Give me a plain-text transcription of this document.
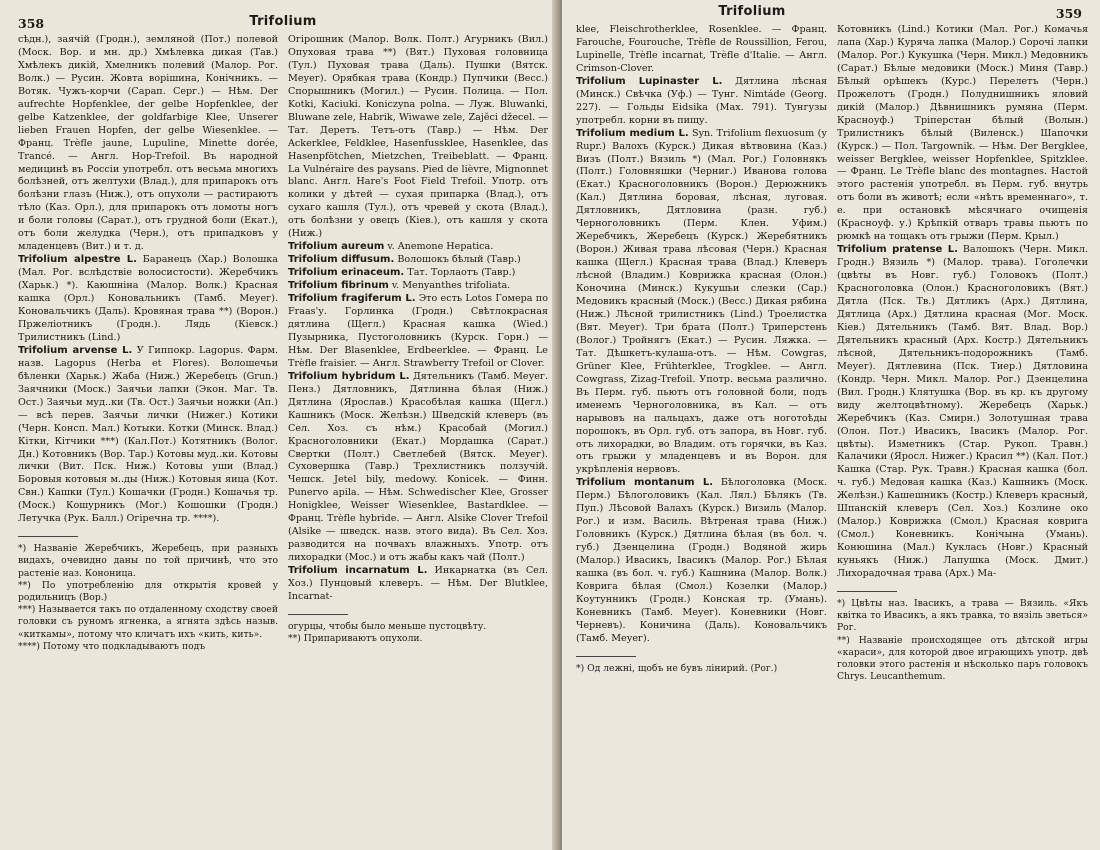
358	Trifolium

сѣдн.), заячій (Гродн.), земляной (Пот.) полевой (Моск. Вор. и мн. др.) Хмѣлевка дикая (Тав.) Хмѣлекъ дикій, Хмелникъ полевий (Малор. Рог. Волк.) — Русин. Жовта ворiшина, Конічникъ. — Вотяк. Чужъ-корчи (Сарап. Серг.) — Нѣм. Der aufrechte Hopfenklee, der gelbe Hopfenklee, der gelbe Katzenklee, der goldfarbige Klee, Unserer lieben Frauen Hopfen, der gelbe Wiesenklee. — Франц. Trèfle jaune, Lupuline, Minette dorée, Trancé. — Англ. Hop-Trefoil. Въ народной медицинѣ въ Россіи употребл. отъ весьма многихъ болѣзней, отъ желтухи (Влад.), для припарокъ отъ болѣзни глазъ (Ниж.), отъ опухоли — растираютъ тѣло (Каз. Орл.), для припарокъ отъ ломоты ногъ и боли головы (Сарат.), отъ грудной боли (Екат.), отъ боли желудка (Черн.), отъ припадковъ у младенцевъ (Вит.) и т. д.

Trifolium alpestre L. Баранецъ (Хар.) Волошка (Мал. Рог. вслѣдствіе волосистости). Жеребчикъ (Харьк.) *). Каюшніна (Малор. Волк.) Красная кашка (Орл.) Коновальникъ (Тамб. Меуег). Коновальчикъ (Даль). Кровяная трава **) (Ворон.) Пржеліотникъ (Гродн.). Лядь (Кіевск.) Трилистникъ (Lind.)

Trifolium arvense L. У Гиппокр. Lagopus. Фарм. назв. Lagopus (Herba et Flores). Волошечьи бѣленки (Харьк.) Жаба (Ниж.) Жеребецъ (Grun.) Заячники (Моск.) Заячьи лапки (Экон. Маг. Тв. Ост.) Заячьи муд..ки (Тв. Ост.) Заячьи ножки (Ап.) — всѣ перев. Заячьи лички (Нижег.) Котики (Черн. Консп. Мал.) Котыки. Котки (Минск. Влад.) Кітки, Кітчики ***) (Кал.Пот.) Котятникъ (Волог. Дн.) Котовникъ (Вор. Тар.) Котовы муд..ки. Котовы лички (Вит. Пск. Ниж.) Котовы уши (Влад.) Боровыя котовыя м..ды (Ниж.) Котовыя яица (Кот. Свн.) Кашки (Тул.) Кошачки (Гродн.) Кошачья тр. (Моск.) Кошурникъ (Мог.) Кошошки (Гродн.) Летучка (Рук. Балл.) Огіречна тр. ****).

*) Названіе Жеребчикъ, Жеребецъ, при разныхъ видахъ, очевидно даны по той причинѣ, что это растеніе наз. Кононица.

**) По употребленію для открытія кровей у родильницъ (Вор.)

***) Называется такъ по отдаленному сходству своей головки съ руномъ ягненка, а ягнята здѣсь назыв. «киткамы», потому что кличатъ ихъ «кить, кить».

****) Потому что подкладываютъ подъ

Огірошник (Малор. Волк. Полт.) Агурникъ (Вил.) Опуховая трава **) (Вят.) Пуховая головница (Тул.) Пуховая трава (Даль). Пушки (Вятск. Меуег). Орябкая трава (Кондр.) Пупчики (Весс.) Спорышникъ (Могил.) — Русин. Полица. — Пол. Kotki, Kaciuki. Koniczyna polna. — Луж. Bluwanki, Bluwane zele, Habrik, Wiwawe zele, Zajĕci džecel. — Тат. Деретъ. Тетъ-отъ (Тавр.) — Нѣм. Der Ackerklee, Feldklee, Hasenfussklee, Hasenklee, das Hasenpfötchen, Mietzchen, Treibeblatt. — Франц. La Vulnéraire des paysans. Pied de lièvre, Mignonnet blanc. Англ. Hare's Foot Field Trefoil. Употр. отъ колики у дѣтей — сухая припарка (Влад.), отъ сухаго кашля (Тул.), отъ чревей у скота (Влад.), отъ болѣзни у овецъ (Кіев.), отъ кашля у скота (Ниж.)

Trifolium aureum v. Anemone Hepatica.

Trifolium diffusum. Волошокъ бѣлый (Тавр.)

Trifolium erinaceum. Тат. Торлаотъ (Тавр.)

Trifolium fibrinum v. Menyanthes trifoliata.

Trifolium fragiferum L. Это есть Lotos Гомера по Fraas'у. Горлинка (Гродн.) Свѣтлокрасная дятлина (Щегл.) Красная кашка (Wied.) Пузырника, Пустоголовникъ (Курск. Горн.) — Нѣм. Der Blasenklee, Erdbeerklee. — Франц. Le Trèfle fraisier. — Англ. Strawberry Trefoil or Clover.

Trifolium hybridum L. Дятельникъ (Тамб. Меуег. Пенз.) Дятловникъ, Дятлинна бѣлая (Ниж.) Дятлина (Ярослав.) Красобѣлая кашка (Щегл.) Кашникъ (Моск. Желѣзн.) Шведскій клеверъ (въ Сел. Хоз. съ нѣм.) Красобай (Могил.) Красноголовники (Екат.) Мордашка (Сарат.) Свертки (Полт.) Светлебей (Вятск. Меуег). Суховершка (Тавр.) Трехлистникъ ползучій. Чешск. Jetel bily, medowy. Konicek. — Финн. Punervo apila. — Нѣм. Schwedischer Klee, Grosser Honigklee, Weisser Wiesenklee, Bastardklee. — Франц. Trèfle hybride. — Англ. Alsike Clover Trefoil (Alsike — шведск. назв. этого вида). Въ Сел. Хоз. разводится на почвахъ влажныхъ. Употр. отъ лихорадки (Мос.) и отъ жабы какъ чай (Полт.)

Trifolium incarnatum L. Инкарнатка (въ Сел. Хоз.) Пунцовый клеверъ. — Нѣм. Der Blutklee, Incarnat-

огурцы, чтобы было меньше пустоцвѣту.

**) Припариваютъ опухоли.

Trifolium	359

klee, Fleischrotherklee, Rosenklee. — Франц. Farouche, Fourouche, Trèfle de Roussillion, Ferou, Lupinelle, Trèfle incarnat, Trèfle d'Italie. — Англ. Crimson-Clover.

Trifolium Lupinaster L. Дятлина лѣсная (Минск.) Свѣчка (Уф.) — Тунг. Nimtáde (Georg. 227). — Гольды Eidsika (Max. 791). Тунгузы употребл. корни въ пищу.

Trifolium medium L. Syn. Trifolium flexuosum (у Rupr.) Валохъ (Курск.) Дикая вѣтвовина (Каз.) Визъ (Полт.) Вязиль *) (Мал. Рог.) Головнякъ (Полт.) Головняшки (Черниг.) Иванова голова (Екат.) Красноголовникъ (Ворон.) Дерюжникъ (Кал.) Дятлина боровая, лѣсная, луговая. Дятловникъ, Дятловина (разн. губ.) Черноголовникъ (Перм. Клен. Уфим.) Жеребчикъ, Жеребецъ (Курск.) Жеребятникъ (Ворон.) Живая трава лѣсовая (Черн.) Красная кашка (Щегл.) Красная трава (Влад.) Клеверъ лѣсной (Владим.) Коврижка красная (Олон.) Коночина (Минск.) Кукушьи слезки (Сар.) Медовикъ красный (Моск.) (Весс.) Дикая рябина (Ниж.) Лѣсной трилистникъ (Lind.) Троелистка (Вят. Меуег). Три брата (Полт.) Триперстень (Волог.) Тройнягъ (Екат.) — Русин. Ляжка. — Тат. Дѣшкетъ-кулаша-отъ. — Нѣм. Cowgras, Grüner Klee, Frühterklee, Trogklee. — Англ. Cowgrass, Zizag-Trefoil. Употр. весьма различно. Въ Перм. губ. пьютъ отъ головной боли, подъ именемъ Черноголовника, въ Кал. — отъ нарывовъ на пальцахъ, даже отъ ноготоѣды порошокъ, въ Орл. губ. отъ запора, въ Новг. губ. отъ лихорадки, во Владим. отъ горячки, въ Каз. отъ грыжи у младенцевъ и въ Ворон. для укрѣпленія нервовъ.

Trifolium montanum L. Бѣлоголовка (Моск. Перм.) Бѣлоголовикъ (Кал. Лял.) Бѣлякъ (Тв. Пуп.) Лѣсовой Валахъ (Курск.) Визиль (Малор. Рог.) и изм. Василь. Вѣтреная трава (Ниж.) Головникъ (Курск.) Дятлина бѣлая (въ бол. ч. губ.) Дзенцелина (Гродн.) Водяной жирь (Малор.) Ивасикъ, Івасикъ (Малор. Рог.) Бѣлая кашка (въ бол. ч. губ.) Кашнина (Малор. Волк.) Коврига бѣлая (Смол.) Козелки (Малор.) Коутунникъ (Гродн.) Конская тр. (Умань). Коневникъ (Тамб. Меуег). Коневники (Новг. Черневъ). Коничина (Даль). Коновальчикъ (Тамб. Меуег).

*) Од лежні, щобъ не бувъ лінирий. (Рог.)

Котовникъ (Lind.) Котики (Мал. Рог.) Комачья лапа (Хар.) Куряча лапка (Малор.) Сорочі лапки (Малор. Рог.) Кукушка (Черн. Микл.) Медовникъ (Сарат.) Бѣлые медовики (Моск.) Миня (Тавр.) Бѣлый орѣшекъ (Курс.) Перелетъ (Черн.) Прожелотъ (Гродн.) Полуднишникъ яловий дикій (Малор.) Дѣвнишникъ румяна (Перм. Красноуф.) Трiперстан бѣлый (Волын.) Трилистникъ бѣлый (Виленск.) Шапочки (Курск.) — Пол. Targownik. — Нѣм. Der Bergklee, weisser Bergklee, weisser Hopfenklee, Spitzklee. — Франц. Le Trèfle blanc des montagnes. Настой этого растенія употребл. въ Перм. губ. внутрь отъ боли въ животѣ; если «нѣтъ временнаго», т. е. при остановкѣ мѣсячнаго очищенія (Красноуф. у.) Крѣпкій отваръ травы пьютъ по рюмкѣ на тощакъ отъ грыжи (Перм. Крыл.)

Trifolium pratense L. Валошокъ (Черн. Микл. Гродн.) Вязиль *) (Малор. трава). Гоголечки (цвѣты въ Новг. губ.) Головокъ (Полт.) Красноголовка (Олон.) Красноголовикъ (Вят.) Дятла (Пск. Тв.) Дятликъ (Арх.) Дятлина, Дятлица (Арх.) Дятлина красная (Мог. Моск. Кіев.) Дятельникъ (Тамб. Вят. Влад. Вор.) Дятельникъ красный (Арх. Костр.) Дятельникъ лѣсной, Дятельникъ-подорожникъ (Тамб. Меуег). Дятлевина (Пск. Тиер.) Дятловина (Кондр. Черн. Микл. Малор. Рог.) Дзенцелина (Вил. Гродн.) Клятушка (Вор. въ кр. къ другому виду желтоцвѣтному). Жеребецъ (Харьк.) Жеребчикъ (Каз. Смирн.) Золотушная трава (Олон. Пот.) Ивасикъ, Івасикъ (Малор. Рог. цвѣты). Изметникъ (Стар. Рукоп. Травн.) Калачики (Яросл. Нижег.) Красил **) (Кал. Пот.) Кашка (Стар. Рук. Травн.) Красная кашка (бол. ч. губ.) Медовая кашка (Каз.) Кашникъ (Моск. Желѣзн.) Кашешникъ (Костр.) Клеверъ красный, Шпанскій клеверъ (Сел. Хоз.) Козлине око (Малор.) Коврижка (Смол.) Красная коврига (Смол.) Коневникъ. Конічына (Умань). Конюшина (Мал.) Куклась (Новг.) Красный куньякъ (Ниж.) Лапушка (Моск. Дмит.) Лихорадочная трава (Арх.) Ма-

*) Цвѣты наз. Івасикъ, а трава — Вязиль. «Якъ квітка то Ивасикъ, а якъ травка, то вязіль зветься» Рог.

**) Названіе происходящее отъ дѣтской игры «караси», для которой двое играющихъ употр. двѣ головки этого растенія и нѣсколько паръ головокъ Chrys. Leucanthemum.
